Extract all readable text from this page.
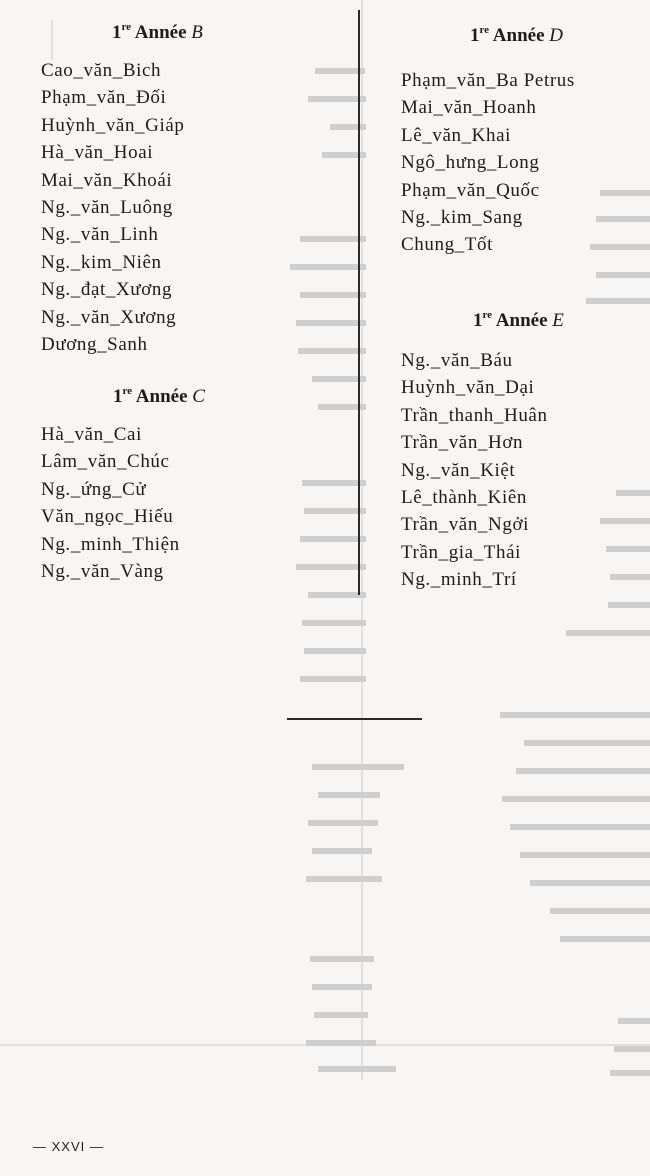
1re Année B
Cao_văn_Bich
Phạm_văn_Đối
Huỳnh_văn_Giáp
Hà_văn_Hoai
Mai_văn_Khoái
Ng._văn_Luông
Ng._văn_Linh
Ng._kim_Niên
Ng._đạt_Xương
Ng._văn_Xương
Dương_Sanh
1re Année C
Hà_văn_Cai
Lâm_văn_Chúc
Ng._ứng_Cử
Văn_ngọc_Hiếu
Ng._minh_Thiện
Ng._văn_Vàng
1re Année D
Phạm_văn_Ba Petrus
Mai_văn_Hoanh
Lê_văn_Khai
Ngô_hưng_Long
Phạm_văn_Quốc
Ng._kim_Sang
Chung_Tốt
1re Année E
Ng._văn_Báu
Huỳnh_văn_Dại
Trần_thanh_Huân
Trần_văn_Hơn
Ng._văn_Kiệt
Lê_thành_Kiên
Trần_văn_Ngởi
Trần_gia_Thái
Ng._minh_Trí
— XXVI —
